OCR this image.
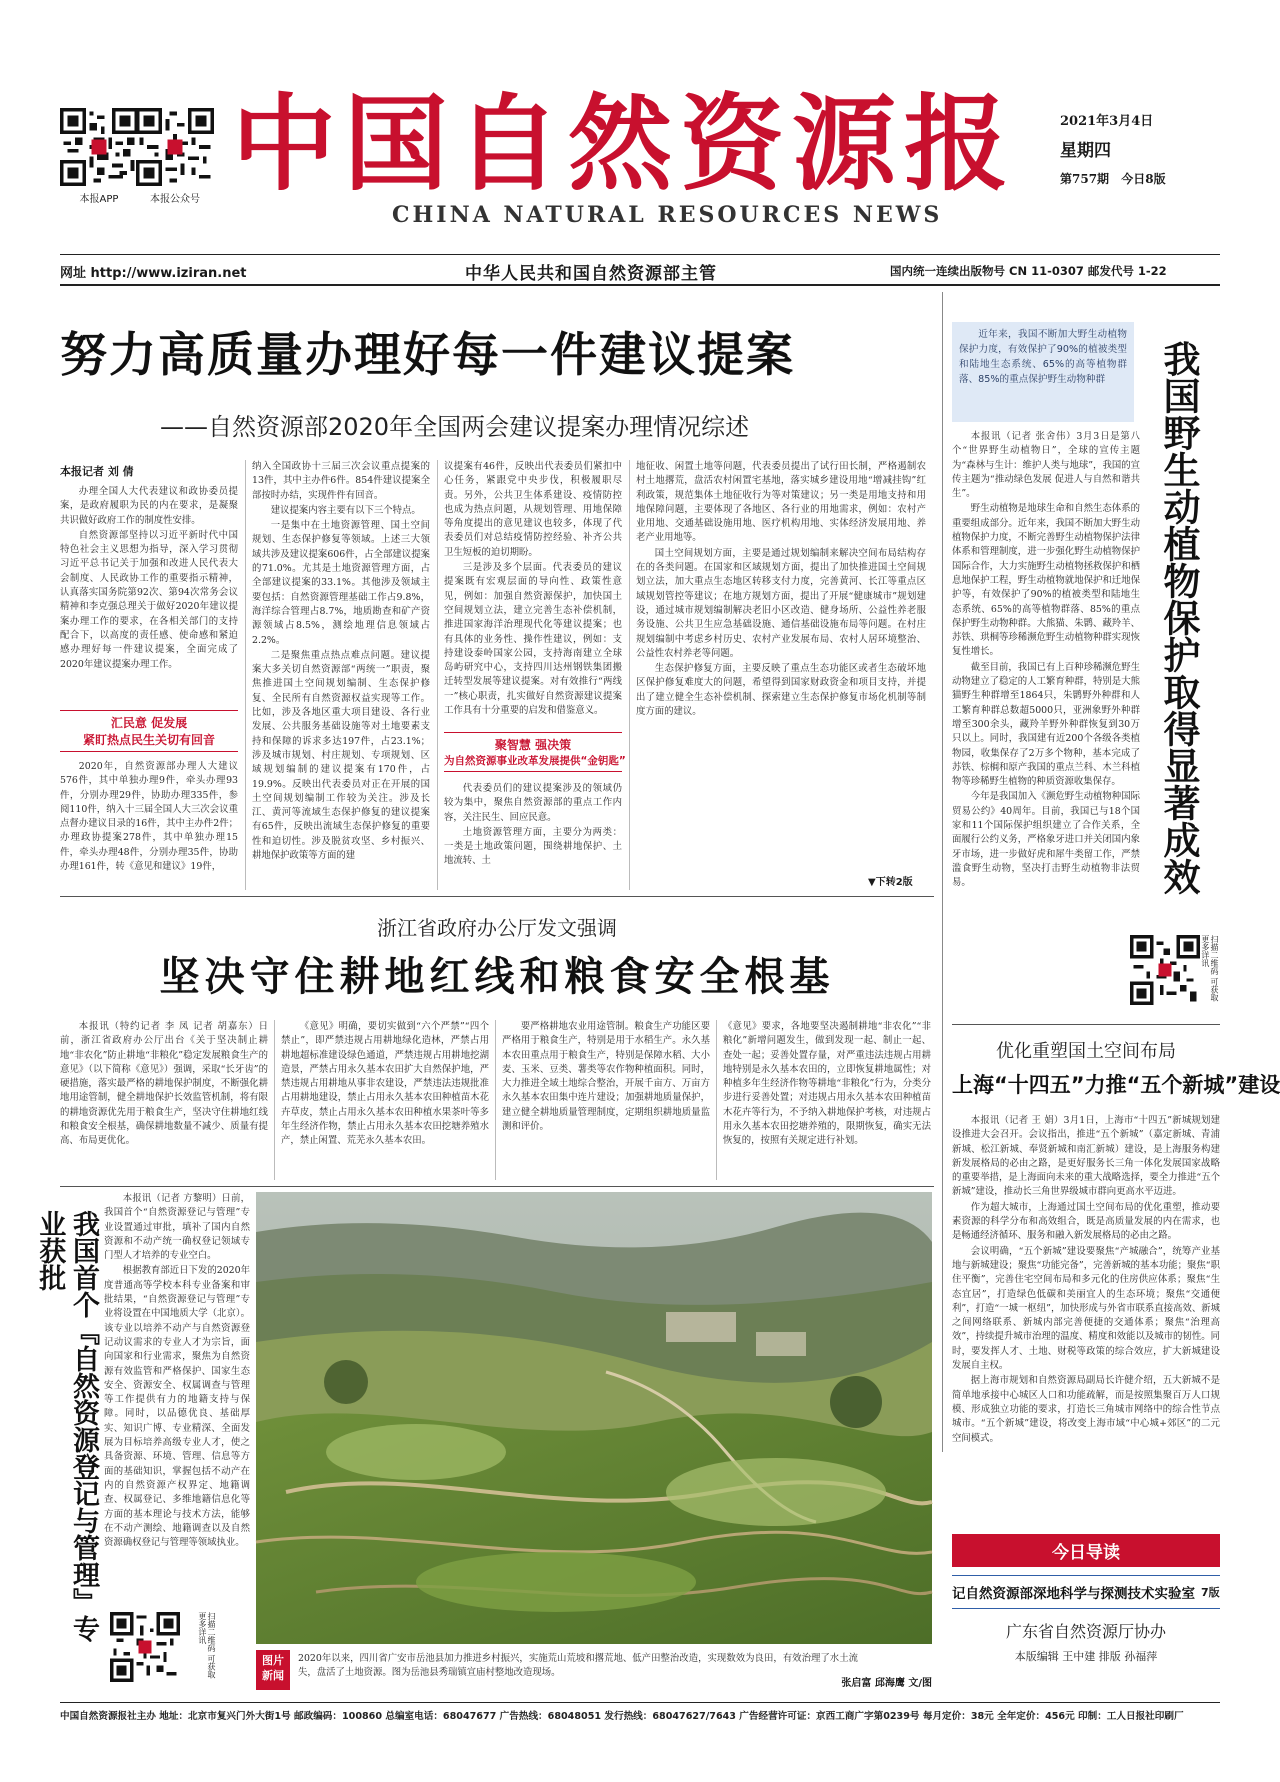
本报APP	本报公众号 中国自然资源报
CHINA NATURAL RESOURCES NEWS
2021年3月4日
星期四
第757期 今日8版
网址 http://www.iziran.net	中华人民共和国自然资源部主管	国内统一连续出版物号 CN 11-0307 邮发代号 1-22
努力高质量办理好每一件建议提案
——自然资源部2020年全国两会建议提案办理情况综述
本报记者 刘 倩

办理全国人大代表建议和政协委员提案，是政府履职为民的内在要求，是凝聚共识做好政府工作的制度性安排。

自然资源部坚持以习近平新时代中国特色社会主义思想为指导，深入学习贯彻习近平总书记关于加强和改进人民代表大会制度、人民政协工作的重要指示精神，认真落实国务院第92次、第94次常务会议精神和李克强总理关于做好2020年建议提案办理工作的要求，在各相关部门的支持配合下，以高度的责任感、使命感和紧迫感办理好每一件建议提案，全面完成了2020年建议提案办理工作。

汇民意 促发展
紧盯热点民生关切有回音

2020年，自然资源部办理人大建议576件，其中单独办理9件，牵头办理93件，分别办理29件，协助办理335件，参阅110件，纳入十三届全国人大三次会议重点督办建议目录的16件，其中主办件2件；办理政协提案278件，其中单独办理15件，牵头办理48件，分别办理35件，协助办理161件，转《意见和建议》19件，

纳入全国政协十三届三次会议重点提案的13件，其中主办件6件。854件建议提案全部按时办结，实现件件有回音。

建议提案内容主要有以下三个特点。

一是集中在土地资源管理、国土空间规划、生态保护修复等领域。上述三大领域共涉及建议提案606件，占全部建议提案的71.0%。尤其是土地资源管理方面，占全部建议提案的33.1%。其他涉及领域主要包括：自然资源管理基础工作占9.8%，海洋综合管理占8.7%，地质勘查和矿产资源领域占8.5%，测绘地理信息领域占2.2%。

二是聚焦重点热点难点问题。建议提案大多关切自然资源部“两统一”职责，聚焦推进国土空间规划编制、生态保护修复、全民所有自然资源权益实现等工作。比如，涉及各地区重大项目建设、各行业发展、公共服务基础设施等对土地要素支持和保障的诉求多达197件，占23.1%；涉及城市规划、村庄规划、专项规划、区域规划编制的建议提案有170件，占19.9%。反映出代表委员对正在开展的国土空间规划编制工作较为关注。涉及长江、黄河等流域生态保护修复的建议提案有65件，反映出流域生态保护修复的重要性和迫切性。涉及脱贫攻坚、乡村振兴、耕地保护政策等方面的建

议提案有46件，反映出代表委员们紧扣中心任务，紧跟党中央步伐，积极履职尽责。另外，公共卫生体系建设、疫情防控也成为热点问题，从规划管理、用地保障等角度提出的意见建议也较多，体现了代表委员们对总结疫情防控经验、补齐公共卫生短板的迫切期盼。

三是涉及多个层面。代表委员的建议提案既有宏观层面的导向性、政策性意见，例如：加强自然资源保护，加快国土空间规划立法，建立完善生态补偿机制，推进国家海洋治理现代化等建议提案；也有具体的业务性、操作性建议，例如：支持建设泰岭国家公园，支持海南建立全球岛屿研究中心，支持四川达州钢铁集团搬迁转型发展等建议提案。对有效推行“两线一”核心职责，扎实做好自然资源建议提案工作具有十分重要的启发和借鉴意义。

聚智慧 强决策
为自然资源事业改革发展提供“金钥匙”

代表委员们的建议提案涉及的领域仍较为集中，聚焦自然资源部的重点工作内容，关注民生、回应民意。

土地资源管理方面，主要分为两类：一类是土地政策问题，围绕耕地保护、土地流转、土

地征收、闲置土地等问题，代表委员提出了试行田长制，严格遏制农村土地撂荒，盘活农村闲置宅基地，落实城乡建设用地“增减挂钩”红利政策，规范集体土地征收行为等对策建议；另一类是用地支持和用地保障问题，主要体现了各地区、各行业的用地需求，例如：农村产业用地、交通基础设施用地、医疗机构用地、实体经济发展用地、养老产业用地等。

国土空间规划方面，主要是通过规划编制来解决空间布局结构存在的各类问题。在国家和区域规划方面，提出了加快推进国土空间规划立法，加大重点生态地区转移支付力度，完善黄河、长江等重点区域规划管控等建议；在地方规划方面，提出了开展“健康城市”规划建设，通过城市规划编制解决老旧小区改造、健身场所、公益性养老服务设施、公共卫生应急基础设施、通信基础设施布局等问题。在村庄规划编制中考虑乡村历史、农村产业发展布局、农村人居环境整治、公益性农村养老等问题。

生态保护修复方面，主要反映了重点生态功能区或者生态破坏地区保护修复难度大的问题，希望得到国家财政资金和项目支持，并提出了建立健全生态补偿机制、探索建立生态保护修复市场化机制等制度方面的建议。

▼下转2版
近年来，我国不断加大野生动植物保护力度，有效保护了90%的植被类型和陆地生态系统、65%的高等植物群落、85%的重点保护野生动物种群	我国野生动植物保护取得显著成效

本报讯（记者 张舍伟）3月3日是第八个“世界野生动植物日”，全球的宣传主题为“森林与生计：维护人类与地球”，我国的宣传主题为“推动绿色发展 促进人与自然和谐共生”。

野生动植物是地球生命和自然生态体系的重要组成部分。近年来，我国不断加大野生动植物保护力度，不断完善野生动植物保护法律体系和管理制度，进一步强化野生动植物保护国际合作，大力实施野生动植物拯救保护和栖息地保护工程，野生动植物就地保护和迁地保护等，有效保护了90%的植被类型和陆地生态系统、65%的高等植物群落、85%的重点保护野生动物种群。大熊猫、朱鹮、藏羚羊、苏铁、珙桐等珍稀濒危野生动植物种群实现恢复性增长。

截至目前，我国已有上百种珍稀濒危野生动物建立了稳定的人工繁育种群，特别是大熊猫野生种群增至1864只，朱鹮野外种群和人工繁育种群总数超5000只，亚洲象野外种群增至300余头，藏羚羊野外种群恢复到30万只以上。同时，我国建有近200个各级各类植物园，收集保存了2万多个物种，基本完成了苏铁、棕榈和原产我国的重点兰科、木兰科植物等珍稀野生植物的种质资源收集保存。

今年是我国加入《濒危野生动植物种国际贸易公约》40周年。目前，我国已与18个国家和11个国际保护组织建立了合作关系，全面履行公约义务，严格象牙进口并关闭国内象牙市场，进一步做好虎和犀牛类留工作，严禁滥食野生动物，坚决打击野生动植物非法贸易。

扫描二维码 可获取更多详讯
浙江省政府办公厅发文强调
坚决守住耕地红线和粮食安全根基

本报讯（特约记者 李 凤 记者 胡嘉东）日前，浙江省政府办公厅出台《关于坚决制止耕地“非农化”防止耕地“非粮化”稳定发展粮食生产的意见》（以下简称《意见》）强调，采取“长牙齿”的硬措施，落实最严格的耕地保护制度，不断强化耕地用途管制，健全耕地保护长效监管机制，将有限的耕地资源优先用于粮食生产，坚决守住耕地红线和粮食安全根基，确保耕地数量不减少、质量有提高、布局更优化。

《意见》明确，要切实做到“六个严禁”“四个禁止”，即严禁违规占用耕地绿化造林，严禁占用耕地超标准建设绿色通道，严禁违规占用耕地挖湖造景，严禁占用永久基本农田扩大自然保护地，严禁违规占用耕地从事非农建设，严禁违法违规批准占用耕地建设，禁止占用永久基本农田种植苗木花卉草皮，禁止占用永久基本农田种植水果茶叶等多年生经济作物，禁止占用永久基本农田挖塘养殖水产，禁止闲置、荒芜永久基本农田。

要严格耕地农业用途管制。粮食生产功能区要严格用于粮食生产，特别是用于水稻生产。永久基本农田重点用于粮食生产，特别是保障水稻、大小麦、玉米、豆类、薯类等农作物种植面积。同时，大力推进全域土地综合整治，开展千亩方、万亩方永久基本农田集中连片建设；加强耕地质量保护，建立健全耕地质量管理制度，定期组织耕地质量监测和评价。

《意见》要求，各地要坚决遏制耕地“非农化”“非粮化”新增问题发生，做到发现一起、制止一起、查处一起；妥善处置存量，对严重违法违规占用耕地特别是永久基本农田的，立即恢复耕地属性；对种植多年生经济作物等耕地“非粮化”行为，分类分步进行妥善处置；对违规占用永久基本农田种植苗木花卉等行为，不予纳入耕地保护考核，对违规占用永久基本农田挖塘养殖的，限期恢复，确实无法恢复的，按照有关规定进行补划。

优化重塑国土空间布局
上海“十四五”力推“五个新城”建设

本报讯（记者 王 娟）3月1日，上海市“十四五”新城规划建设推进大会召开。会议指出，推进“五个新城”（嘉定新城、青浦新城、松江新城、奉贤新城和南汇新城）建设，是上海服务构建新发展格局的必由之路，是更好服务长三角一体化发展国家战略的重要举措，是上海面向未来的重大战略选择，要全力推进“五个新城”建设，推动长三角世界级城市群向更高水平迈进。

作为超大城市，上海通过国土空间布局的优化重塑，推动要素资源的科学分布和高效组合，既是高质量发展的内在需求，也是畅通经济循环、服务和融入新发展格局的必由之路。

会议明确，“五个新城”建设要聚焦“产城融合”，统筹产业基地与新城建设；聚焦“功能完备”，完善新城的基本功能；聚焦“职住平衡”，完善住宅空间布局和多元化的住房供应体系；聚焦“生态宜居”，打造绿色低碳和美丽宜人的生态环境；聚焦“交通便利”，打造“一城一枢纽”，加快形成与外省市联系直接高效、新城之间网络联系、新城内部完善便捷的交通体系；聚焦“治理高效”，持续提升城市治理的温度、精度和效能以及城市的韧性。同时，要发挥人才、土地、财税等政策的综合效应，扩大新城建设发展自主权。

据上海市规划和自然资源局副局长许健介绍，五大新城不是简单地承接中心城区人口和功能疏解，而是按照集聚百万人口规模、形成独立功能的要求，打造长三角城市网络中的综合性节点城市。“五个新城”建设，将改变上海市域“中心城+郊区”的二元空间模式。

今日导读
记自然资源部深地科学与探测技术实验室 7版
广东省自然资源厅协办
本版编辑 王中建 排版 孙福萍
我国首个『自然资源登记与管理』专业获批

本报讯（记者 方黎明）日前，我国首个“自然资源登记与管理”专业设置通过审批，填补了国内自然资源和不动产统一确权登记领域专门型人才培养的专业空白。

根据教育部近日下发的2020年度普通高等学校本科专业备案和审批结果，“自然资源登记与管理”专业将设置在中国地质大学（北京）。该专业以培养不动产与自然资源登记动议需求的专业人才为宗旨，面向国家和行业需求，聚焦为自然资源有效监管和严格保护、国家生态安全、资源安全、权属调查与管理等工作提供有力的地籍支持与保障。同时，以品德优良、基础厚实、知识广博、专业精深、全面发展为目标培养高级专业人才，使之具备资源、环境、管理、信息等方面的基础知识，掌握包括不动产在内的自然资源产权界定、地籍调查、权属登记、多维地籍信息化等方面的基本理论与技术方法，能够在不动产测绘、地籍调查以及自然资源确权登记与管理等领域执业。

扫描二维码 可获取更多详讯
图片新闻
2020年以来，四川省广安市岳池县加力推进乡村振兴，实施荒山荒坡和撂荒地、低产田整治改造，实现数效为良田，有效治理了水土流失，盘活了土地资源。图为岳池县秀瑞镇宣庙村整地改造现场。
张启富 邱海鹰 文/图
中国自然资源报社主办 地址：北京市复兴门外大街1号 邮政编码：100860 总编室电话：68047677 广告热线：68048051 发行热线：68047627/7643 广告经营许可证：京西工商广字第0239号 每月定价：38元 全年定价：456元 印制：工人日报社印刷厂
